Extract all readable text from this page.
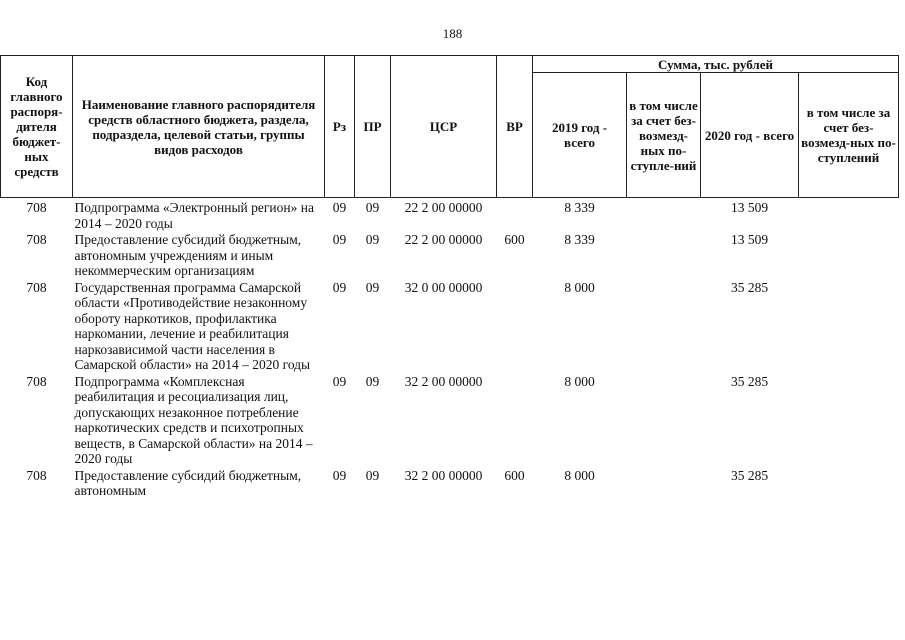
188
Код главного распоря-дителя бюджет-ных средств	Наименование главного распорядителя средств областного бюджета, раздела, подраздела, целевой статьи, группы видов расходов	Рз	ПР	ЦСР	ВР	Сумма, тыс. рублей			
						2019 год - всего	в том числе за счет без-возмезд-ных по-ступле-ний	2020 год - всего	в том числе за счет без-возмезд-ных по-ступлений
708	Подпрограмма «Электронный регион» на 2014 – 2020 годы	09	09	22 2 00 00000		8 339		13 509	
708	Предоставление субсидий бюджетным, автономным учреждениям и иным некоммерческим организациям	09	09	22 2 00 00000	600	8 339		13 509	
708	Государственная программа Самарской области «Противодействие незаконному обороту наркотиков, профилактика наркомании, лечение и реабилитация наркозависимой части населения в Самарской области» на 2014 – 2020 годы	09	09	32 0 00 00000		8 000		35 285	
708	Подпрограмма «Комплексная реабилитация и ресоциализация лиц, допускающих незаконное потребление наркотических средств и психотропных веществ, в Самарской области» на 2014 – 2020 годы	09	09	32 2 00 00000		8 000		35 285	
708	Предоставление субсидий бюджетным, автономным	09	09	32 2 00 00000	600	8 000		35 285	
